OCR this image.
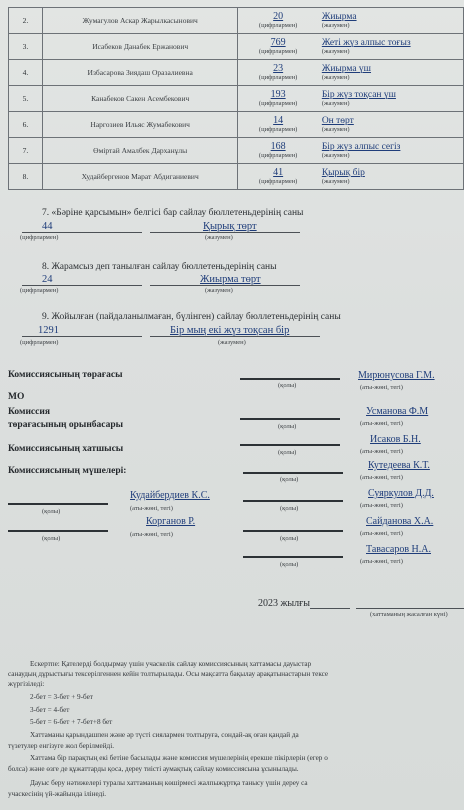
2.	Жумагулов Аскар Жарылкасынович	20
(цифрлармен)	Жиырма
(жазумен)

3.	Исабеков Данабек Ержанович	769
(цифрлармен)	Жеті жүз алпыс тоғыз
(жазумен)

4.	Избасарова Зиядаш Оразалиевна	23
(цифрлармен)	Жиырма үш
(жазумен)

5.	Канабеков Сакен Асембекович	193
(цифрлармен)	Бір жүз тоқсан үш
(жазумен)

6.	Наргозиев Ильяс Жумабекович	14
(цифрлармен)	Он төрт
(жазумен)

7.	Өміртай Амалбек Дарханұлы	168
(цифрлармен)	Бір жүз алпыс сегіз
(жазумен)

8.	Худайбергенов Марат Абдиганиевич	41
(цифрлармен)	Қырық бір
(жазумен)
7. «Бәріне қарсымын» белгісі бар сайлау бюллетеньдерінің саны
44
(цифрлармен)
Қырық төрт
(жазумен)
8. Жарамсыз деп танылған сайлау бюллетеньдерінің саны
24
(цифрлармен)
Жиырма төрт
(жазумен)
9. Жойылған (пайдаланылмаған, бүлінген) сайлау бюллетеньдерінің саны
1291
(цифрлармен)
Бір мың екі жүз тоқсан бір
(жазумен)
Комиссиясының төрағасы
(қолы)
Мирюнусова Г.М.
(аты-жөні, тегі)
МО
Комиссия
төрағасының орынбасары	(қолы)
Усманова Ф.М
(аты-жөні, тегі)
Комиссиясының хатшысы	(қолы)
Исаков Б.Н.
(аты-жөні, тегі)
Комиссиясының мүшелері:
(қолы)
Кутедеева К.Т.
(аты-жөні, тегі)
(қолы)
Кудайбердиев К.С.
(аты-жөні, тегі)	(қолы)
Суяркулов Д.Д.
(аты-жөні, тегі)
(қолы)
Корганов Р.
(аты-жөні, тегі)
(қолы)
Сайданова Х.А.
(аты-жөні, тегі)
(қолы)
Тавасаров Н.А.
(аты-жөні, тегі)
2023 жылғы
(хаттаманың жасалған күні)
Ескертпе: Қателерді болдырмау үшін учаскелік сайлау комиссиясының хаттамасы дауыстар
санаудың дұрыстығы тексерілгеннен кейін толтырылады. Осы мақсатта бақылау арақатынастарын тексе
жүргізіледі:
2-бет = 3-бет + 9-бет
3-бет = 4-бет
5-бет = 6-бет + 7-бет+8 бет
Хаттаманы қарындашпен және әр түсті сиялармен толтыруға, сондай-ақ оған қандай да
түзетулер енгізуге жол берілмейді.
Хаттама бір парақтың екі бетіне басылады және комиссия мүшелерінің ерекше пікірлерін (егер о
болса) және өзге де құжаттарды қоса, дереу тиісті аумақтық сайлау комиссиясына ұсынылады.
Дауыс беру нәтижелері туралы хаттаманың көшірмесі жалпыжұртқа танысу үшін дереу са
учаскесінің үй-жайында ілінеді.
